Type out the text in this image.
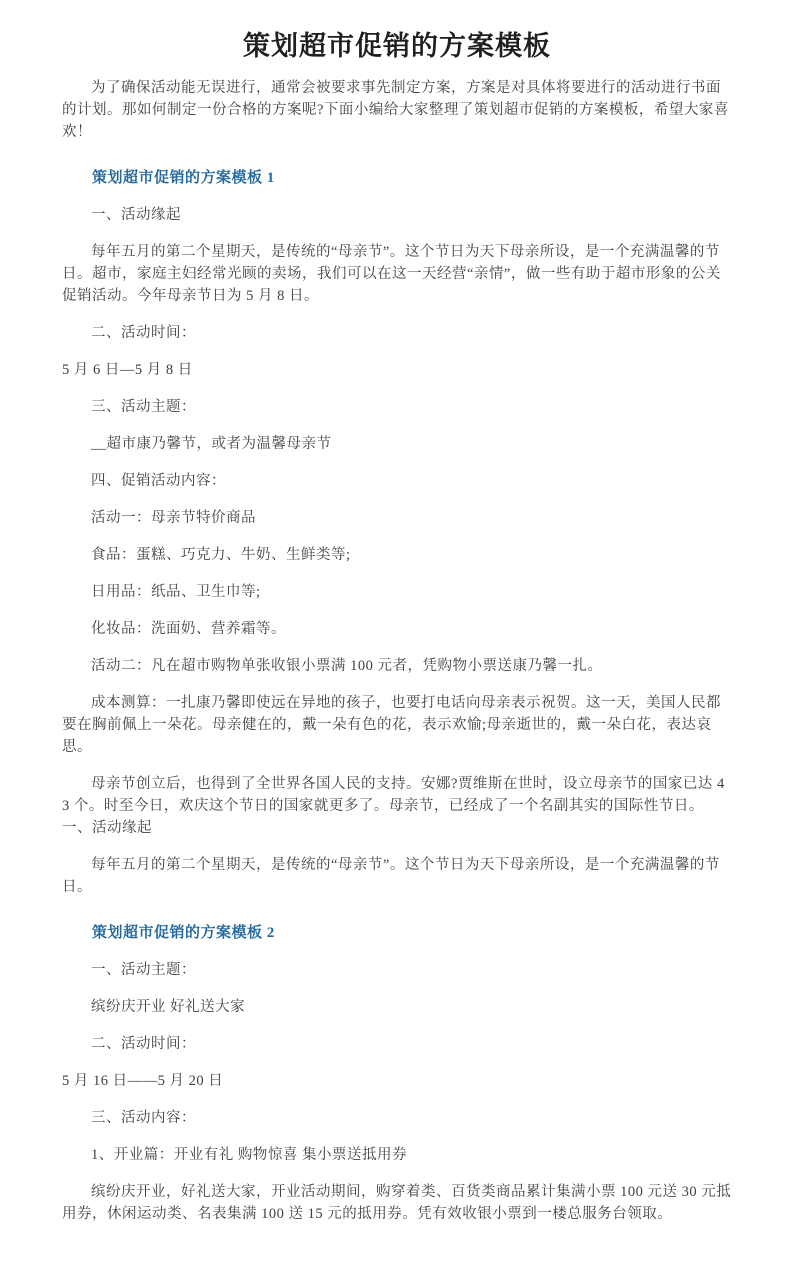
策划超市促销的方案模板

为了确保活动能无误进行，通常会被要求事先制定方案，方案是对具体将要进行的活动进行书面的计划。那如何制定一份合格的方案呢?下面小编给大家整理了策划超市促销的方案模板，希望大家喜欢！

策划超市促销的方案模板 1

一、活动缘起

每年五月的第二个星期天，是传统的“母亲节”。这个节日为天下母亲所设，是一个充满温馨的节日。超市，家庭主妇经常光顾的卖场，我们可以在这一天经营“亲情”，做一些有助于超市形象的公关促销活动。今年母亲节日为 5 月 8 日。

二、活动时间：

5 月 6 日—5 月 8 日

三、活动主题：

__超市康乃馨节，或者为温馨母亲节

四、促销活动内容：

活动一：母亲节特价商品

食品：蛋糕、巧克力、牛奶、生鲜类等;

日用品：纸品、卫生巾等;

化妆品：洗面奶、营养霜等。

活动二：凡在超市购物单张收银小票满 100 元者，凭购物小票送康乃馨一扎。

成本测算：一扎康乃馨即使远在异地的孩子，也要打电话向母亲表示祝贺。这一天，美国人民都要在胸前佩上一朵花。母亲健在的，戴一朵有色的花，表示欢愉;母亲逝世的，戴一朵白花，表达哀思。

母亲节创立后，也得到了全世界各国人民的支持。安娜?贾维斯在世时，设立母亲节的国家已达 43 个。时至今日，欢庆这个节日的国家就更多了。母亲节，已经成了一个名副其实的国际性节日。一、活动缘起

每年五月的第二个星期天，是传统的“母亲节”。这个节日为天下母亲所设，是一个充满温馨的节日。

策划超市促销的方案模板 2

一、活动主题：

缤纷庆开业 好礼送大家

二、活动时间：

5 月 16 日——5 月 20 日

三、活动内容：

1、开业篇：开业有礼 购物惊喜 集小票送抵用券

缤纷庆开业，好礼送大家，开业活动期间，购穿着类、百货类商品累计集满小票 100 元送 30 元抵用券，休闲运动类、名表集满 100 送 15 元的抵用券。凭有效收银小票到一楼总服务台领取。
